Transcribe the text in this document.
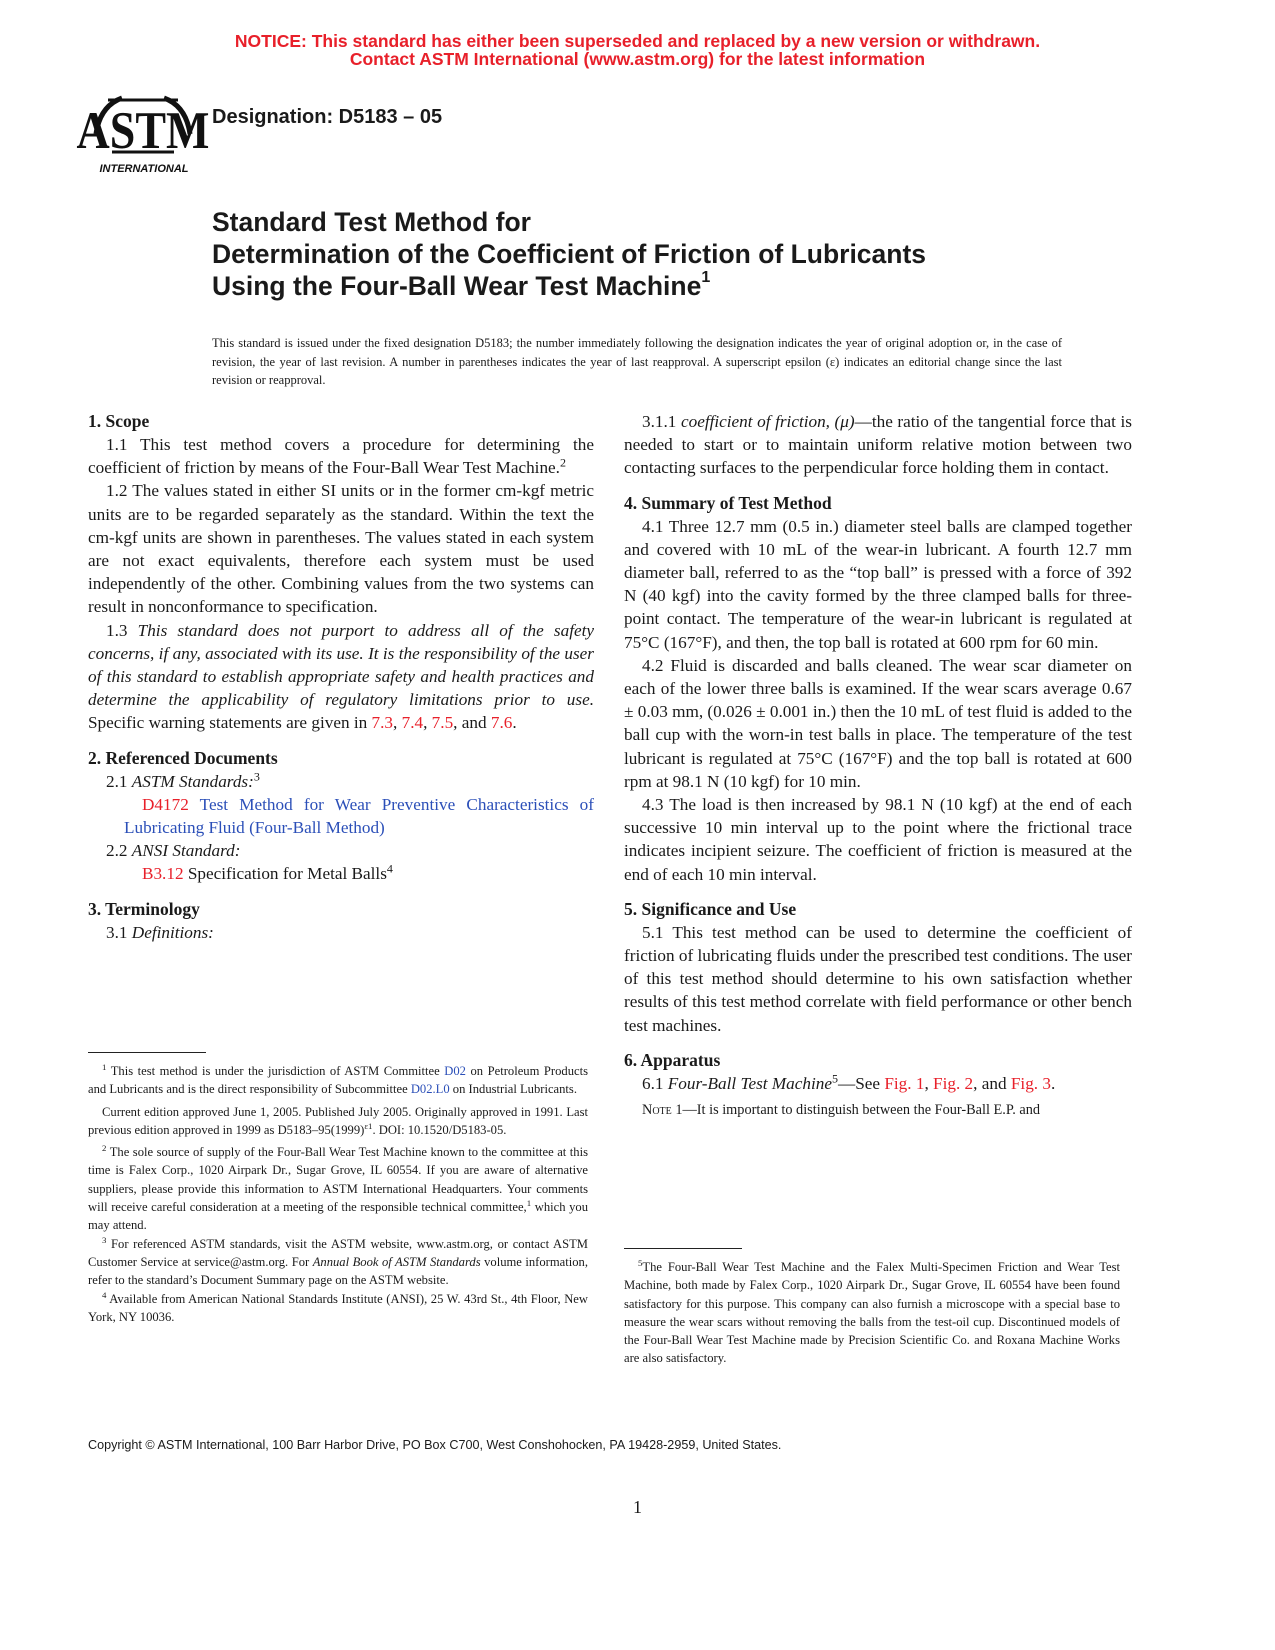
NOTICE: This standard has either been superseded and replaced by a new version or withdrawn.
Contact ASTM International (www.astm.org) for the latest information
ASTM
INTERNATIONAL
Designation: D5183 – 05
Standard Test Method for
Determination of the Coefficient of Friction of Lubricants
Using the Four-Ball Wear Test Machine$^1$
This standard is issued under the fixed designation D5183; the number immediately following the designation indicates the year of original adoption or, in the case of revision, the year of last revision. A number in parentheses indicates the year of last reapproval. A superscript epsilon (ε) indicates an editorial change since the last revision or reapproval.
1. Scope

1.1 This test method covers a procedure for determining the coefficient of friction by means of the Four-Ball Wear Test Machine.$^2$

1.2 The values stated in either SI units or in the former cm-kgf metric units are to be regarded separately as the standard. Within the text the cm-kgf units are shown in parentheses. The values stated in each system are not exact equivalents, therefore each system must be used independently of the other. Combining values from the two systems can result in nonconformance to specification.

1.3 This standard does not purport to address all of the safety concerns, if any, associated with its use. It is the responsibility of the user of this standard to establish appropriate safety and health practices and determine the applicability of regulatory limitations prior to use. Specific warning statements are given in 7.3, 7.4, 7.5, and 7.6.

2. Referenced Documents

2.1 ASTM Standards:$^3$

D4172 Test Method for Wear Preventive Characteristics of Lubricating Fluid (Four-Ball Method)

2.2 ANSI Standard:

B3.12 Specification for Metal Balls$^4$

3. Terminology

3.1 Definitions:

$^1$ This test method is under the jurisdiction of ASTM Committee D02 on Petroleum Products and Lubricants and is the direct responsibility of Subcommittee D02.L0 on Industrial Lubricants.

Current edition approved June 1, 2005. Published July 2005. Originally approved in 1991. Last previous edition approved in 1999 as $D5183-95(1999)^{\varepsilon 1}$. DOI: 10.1520/D5183-05.

$^2$ The sole source of supply of the Four-Ball Wear Test Machine known to the committee at this time is Falex Corp., 1020 Airpark Dr., Sugar Grove, IL 60554. If you are aware of alternative suppliers, please provide this information to ASTM International Headquarters. Your comments will receive careful consideration at a meeting of the responsible technical committee,$^1$ which you may attend.

$^3$ For referenced ASTM standards, visit the ASTM website, www.astm.org, or contact ASTM Customer Service at service@astm.org. For Annual Book of ASTM Standards volume information, refer to the standard’s Document Summary page on the ASTM website.

$^4$ Available from American National Standards Institute (ANSI), 25 W. 43rd St., 4th Floor, New York, NY 10036.

3.1.1 coefficient of friction, (μ)—the ratio of the tangential force that is needed to start or to maintain uniform relative motion between two contacting surfaces to the perpendicular force holding them in contact.

4. Summary of Test Method

4.1 Three 12.7 mm (0.5 in.) diameter steel balls are clamped together and covered with 10 mL of the wear-in lubricant. A fourth 12.7 mm diameter ball, referred to as the “top ball” is pressed with a force of 392 N (40 kgf) into the cavity formed by the three clamped balls for three-point contact. The temperature of the wear-in lubricant is regulated at 75°C (167°F), and then, the top ball is rotated at 600 rpm for 60 min.

4.2 Fluid is discarded and balls cleaned. The wear scar diameter on each of the lower three balls is examined. If the wear scars average 0.67 ± 0.03 mm, (0.026 ± 0.001 in.) then the 10 mL of test fluid is added to the ball cup with the worn-in test balls in place. The temperature of the test lubricant is regulated at 75°C (167°F) and the top ball is rotated at 600 rpm at 98.1 N (10 kgf) for 10 min.

4.3 The load is then increased by 98.1 N (10 kgf) at the end of each successive 10 min interval up to the point where the frictional trace indicates incipient seizure. The coefficient of friction is measured at the end of each 10 min interval.

5. Significance and Use

5.1 This test method can be used to determine the coefficient of friction of lubricating fluids under the prescribed test conditions. The user of this test method should determine to his own satisfaction whether results of this test method correlate with field performance or other bench test machines.

6. Apparatus

6.1 Four-Ball Test Machine$^5$—See Fig. 1, Fig. 2, and Fig. 3.

Note 1—It is important to distinguish between the Four-Ball E.P. and

$^5$The Four-Ball Wear Test Machine and the Falex Multi-Specimen Friction and Wear Test Machine, both made by Falex Corp., 1020 Airpark Dr., Sugar Grove, IL 60554 have been found satisfactory for this purpose. This company can also furnish a microscope with a special base to measure the wear scars without removing the balls from the test-oil cup. Discontinued models of the Four-Ball Wear Test Machine made by Precision Scientific Co. and Roxana Machine Works are also satisfactory.

Copyright © ASTM International, 100 Barr Harbor Drive, PO Box C700, West Conshohocken, PA 19428-2959, United States.
1
